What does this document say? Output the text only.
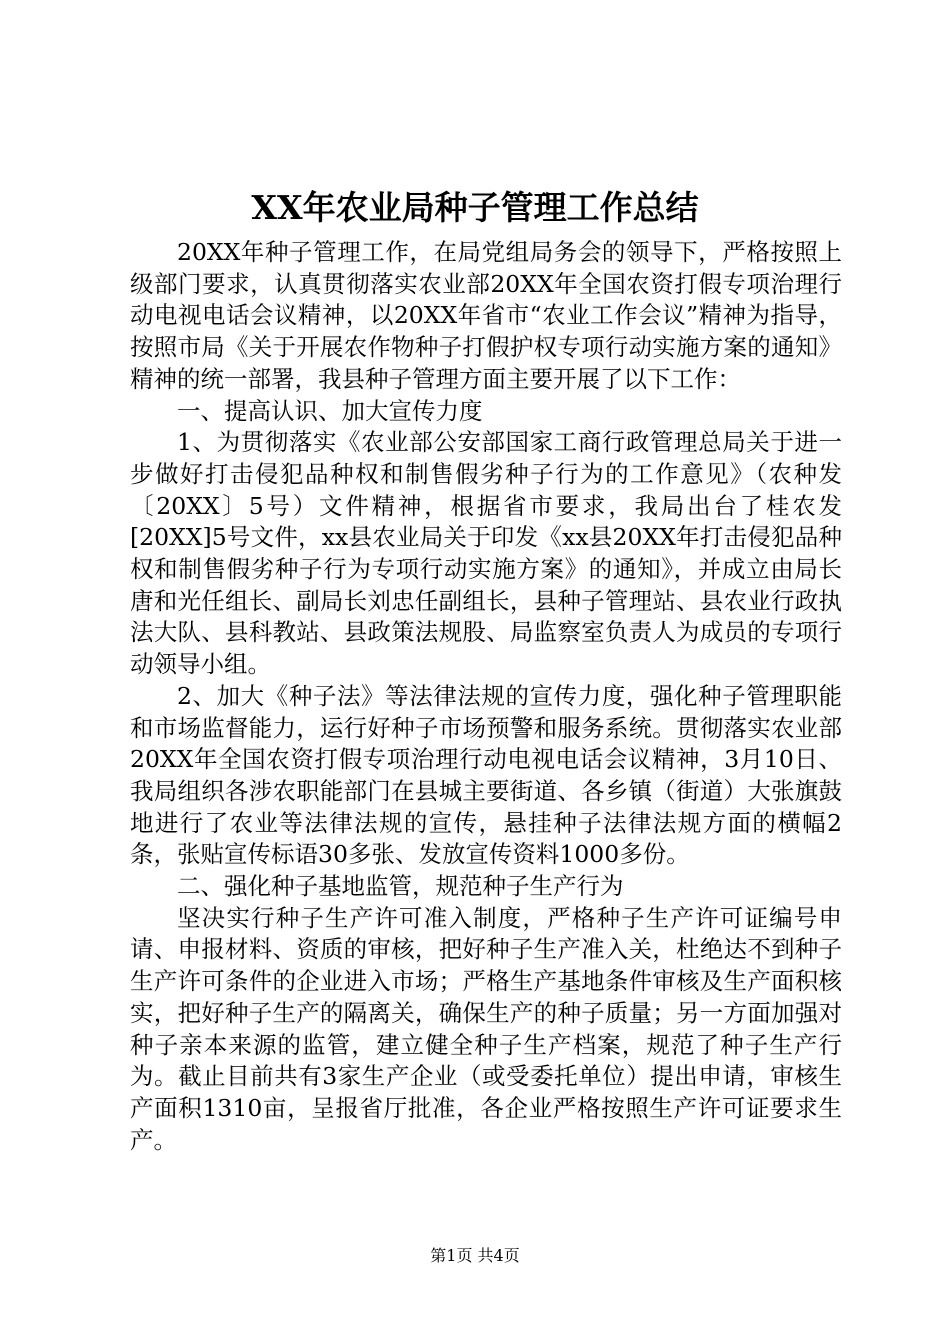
XX年农业局种子管理工作总结

20XX年种子管理工作，在局党组局务会的领导下，严格按照上级部门要求，认真贯彻落实农业部20XX年全国农资打假专项治理行动电视电话会议精神，以20XX年省市“农业工作会议”精神为指导，按照市局《关于开展农作物种子打假护权专项行动实施方案的通知》精神的统一部署，我县种子管理方面主要开展了以下工作：

一、提高认识、加大宣传力度

1、为贯彻落实《农业部公安部国家工商行政管理总局关于进一步做好打击侵犯品种权和制售假劣种子行为的工作意见》（农种发〔20XX〕5号）文件精神，根据省市要求，我局出台了桂农发[20XX]5号文件，xx县农业局关于印发《xx县20XX年打击侵犯品种权和制售假劣种子行为专项行动实施方案》的通知》，并成立由局长唐和光任组长、副局长刘忠任副组长，县种子管理站、县农业行政执法大队、县科教站、县政策法规股、局监察室负责人为成员的专项行动领导小组。

2、加大《种子法》等法律法规的宣传力度，强化种子管理职能和市场监督能力，运行好种子市场预警和服务系统。贯彻落实农业部20XX年全国农资打假专项治理行动电视电话会议精神，3月10日、我局组织各涉农职能部门在县城主要街道、各乡镇（街道）大张旗鼓地进行了农业等法律法规的宣传，悬挂种子法律法规方面的横幅2条，张贴宣传标语30多张、发放宣传资料1000多份。

二、强化种子基地监管，规范种子生产行为

坚决实行种子生产许可准入制度，严格种子生产许可证编号申请、申报材料、资质的审核，把好种子生产准入关，杜绝达不到种子生产许可条件的企业进入市场；严格生产基地条件审核及生产面积核实，把好种子生产的隔离关，确保生产的种子质量；另一方面加强对种子亲本来源的监管，建立健全种子生产档案，规范了种子生产行为。截止目前共有3家生产企业（或受委托单位）提出申请，审核生产面积1310亩，呈报省厅批准，各企业严格按照生产许可证要求生产。

第1页 共4页
